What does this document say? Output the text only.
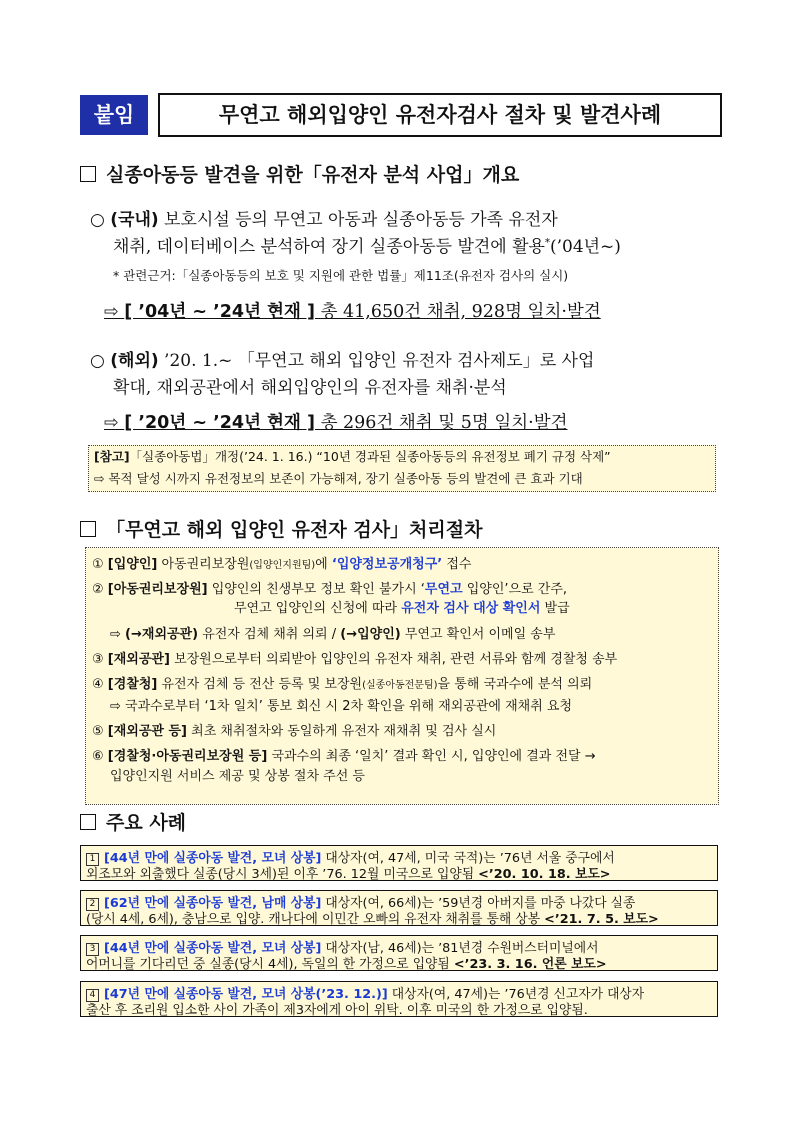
붙임	무연고 해외입양인 유전자검사 절차 및 발견사례
실종아동등 발견을 위한「유전자 분석 사업」개요
○ (국내) 보호시설 등의 무연고 아동과 실종아동등 가족 유전자
채취, 데이터베이스 분석하여 장기 실종아동등 발견에 활용*(’04년~)
* 관련근거:「실종아동등의 보호 및 지원에 관한 법률」제11조(유전자 검사의 실시)
⇨ [ ’04년 ~ ’24년 현재 ] 총 41,650건 채취, 928명 일치·발견
○ (해외) ’20. 1.~ 「무연고 해외 입양인 유전자 검사제도」로 사업
확대, 재외공관에서 해외입양인의 유전자를 채취·분석
⇨ [ ’20년 ~ ’24년 현재 ] 총 296건 채취 및 5명 일치·발견
[참고]「실종아동법」개정(’24. 1. 16.) “10년 경과된 실종아동등의 유전정보 폐기 규정 삭제”
⇨ 목적 달성 시까지 유전정보의 보존이 가능해져, 장기 실종아동 등의 발견에 큰 효과 기대
「무연고 해외 입양인 유전자 검사」처리절차
① [입양인] 아동권리보장원(입양인지원팀)에 ‘입양정보공개청구’ 접수
② [아동권리보장원] 입양인의 친생부모 정보 확인 불가시 ‘무연고 입양인’으로 간주,
무연고 입양인의 신청에 따라 유전자 검사 대상 확인서 발급
⇨ (→재외공관) 유전자 검체 채취 의뢰 / (→입양인) 무연고 확인서 이메일 송부
③ [재외공관] 보장원으로부터 의뢰받아 입양인의 유전자 채취, 관련 서류와 함께 경찰청 송부
④ [경찰청] 유전자 검체 등 전산 등록 및 보장원(실종아동전문팀)을 통해 국과수에 분석 의뢰
⇨ 국과수로부터 ‘1차 일치’ 통보 회신 시 2차 확인을 위해 재외공관에 재채취 요청
⑤ [재외공관 등] 최초 채취절차와 동일하게 유전자 재채취 및 검사 실시
⑥ [경찰청·아동권리보장원 등] 국과수의 최종 ‘일치’ 결과 확인 시, 입양인에 결과 전달 →
입양인지원 서비스 제공 및 상봉 절차 주선 등
주요 사례
1 [44년 만에 실종아동 발견, 모녀 상봉] 대상자(여, 47세, 미국 국적)는 ’76년 서울 중구에서
외조모와 외출했다 실종(당시 3세)된 이후 ’76. 12월 미국으로 입양됨 <’20. 10. 18. 보도>
2 [62년 만에 실종아동 발견, 남매 상봉] 대상자(여, 66세)는 ’59년경 아버지를 마중 나갔다 실종
(당시 4세, 6세), 충남으로 입양. 캐나다에 이민간 오빠의 유전자 채취를 통해 상봉 <’21. 7. 5. 보도>
3 [44년 만에 실종아동 발견, 모녀 상봉] 대상자(남, 46세)는 ’81년경 수원버스터미널에서
어머니를 기다리던 중 실종(당시 4세), 독일의 한 가정으로 입양됨 <’23. 3. 16. 언론 보도>
4 [47년 만에 실종아동 발견, 모녀 상봉(’23. 12.)] 대상자(여, 47세)는 ’76년경 신고자가 대상자
출산 후 조리원 입소한 사이 가족이 제3자에게 아이 위탁. 이후 미국의 한 가정으로 입양됨.
